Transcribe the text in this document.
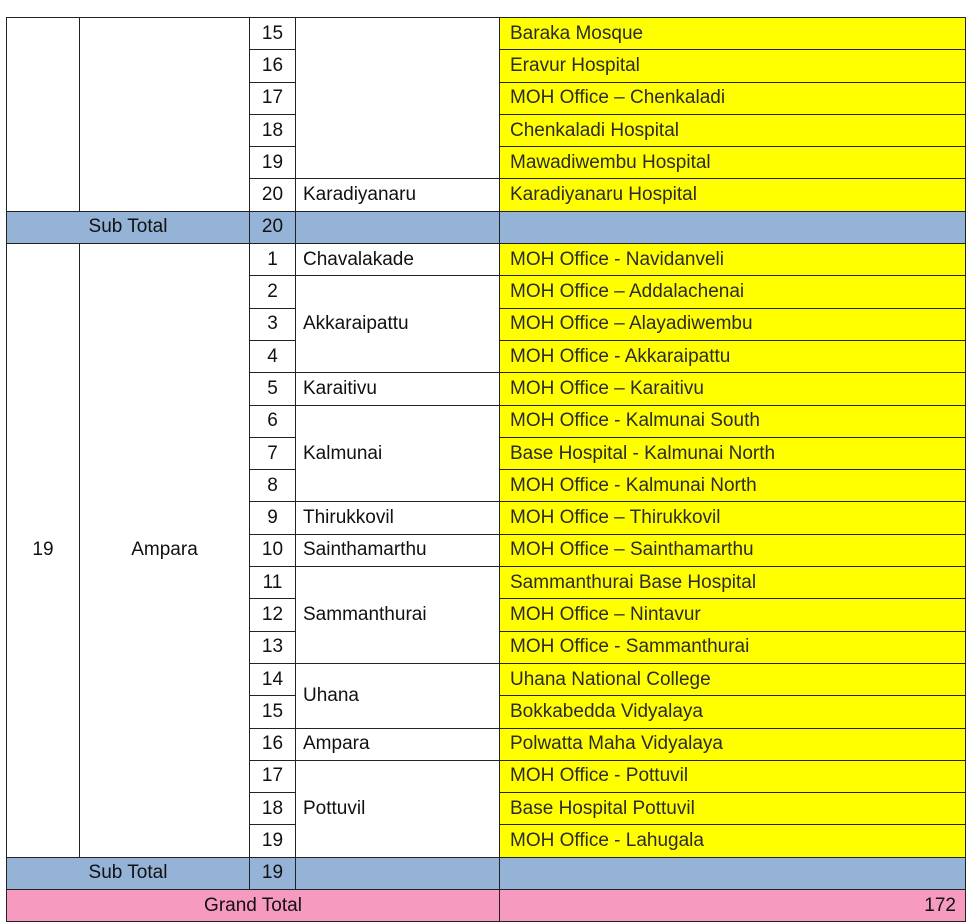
		15		Baraka Mosque
		16		Eravur Hospital
		17		MOH Office – Chenkaladi
		18		Chenkaladi Hospital
		19		Mawadiwembu Hospital
		20	Karadiyanaru	Karadiyanaru Hospital
Sub Total		20		
19	Ampara	1	Chavalakade	MOH Office - Navidanveli
		2	Akkaraipattu	MOH Office – Addalachenai
		3		MOH Office – Alayadiwembu
		4		MOH Office - Akkaraipattu
		5	Karaitivu	MOH Office – Karaitivu
		6	Kalmunai	MOH Office - Kalmunai South
		7		Base Hospital - Kalmunai North
		8		MOH Office - Kalmunai North
		9	Thirukkovil	MOH Office – Thirukkovil
		10	Sainthamarthu	MOH Office – Sainthamarthu
		11	Sammanthurai	Sammanthurai Base Hospital
		12		MOH Office – Nintavur
		13		MOH Office - Sammanthurai
		14	Uhana	Uhana National College
		15		Bokkabedda Vidyalaya
		16	Ampara	Polwatta Maha Vidyalaya
		17	Pottuvil	MOH Office - Pottuvil
		18		Base Hospital Pottuvil
		19		MOH Office - Lahugala
Sub Total		19		
Grand Total				172
